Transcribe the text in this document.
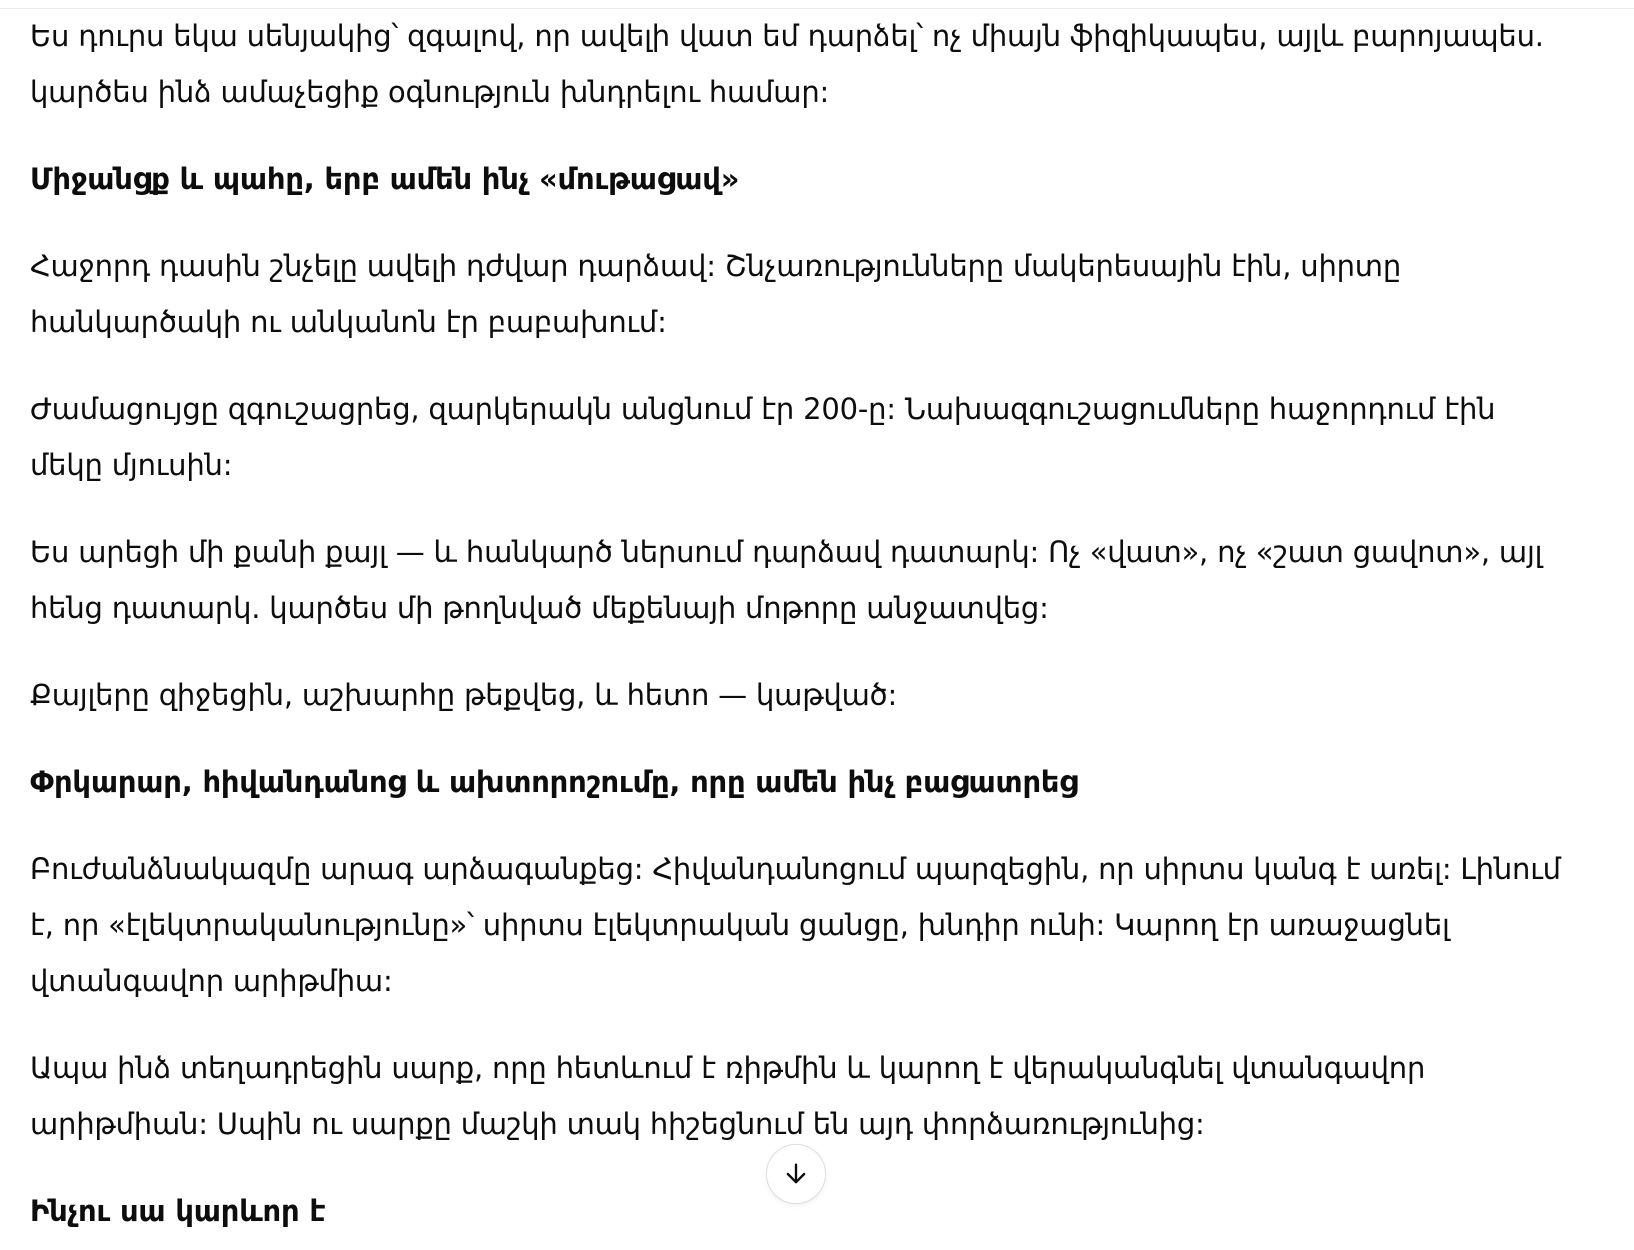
Ես դուրս եկա սենյակից՝ զգալով, որ ավելի վատ եմ դարձել՝ ոչ միայն ֆիզիկապես, այլև բարոյապես.
կարծես ինձ ամաչեցիք օգնություն խնդրելու համար:

Միջանցք և պահը, երբ ամեն ինչ «մութացավ»

Հաջորդ դասին շնչելը ավելի դժվար դարձավ: Շնչառությունները մակերեսային էին, սիրտը
հանկարծակի ու անկանոն էր բաբախում:

Ժամացույցը զգուշացրեց, զարկերակն անցնում էր 200-ը: Նախազգուշացումները հաջորդում էին
մեկը մյուսին:

Ես արեցի մի քանի քայլ — և հանկարծ ներսում դարձավ դատարկ: Ոչ «վատ», ոչ «շատ ցավոտ», այլ
հենց դատարկ. կարծես մի թողնված մեքենայի մոթորը անջատվեց:

Քայլերը զիջեցին, աշխարհը թեքվեց, և հետո — կաթված:

Փրկարար, հիվանդանոց և ախտորոշումը, որը ամեն ինչ բացատրեց

Բուժանձնակազմը արագ արձագանքեց: Հիվանդանոցում պարզեցին, որ սիրտս կանգ է առել: Լինում
է, որ «էլեկտրականությունը»՝ սիրտս էլեկտրական ցանցը, խնդիր ունի: Կարող էր առաջացնել
վտանգավոր արիթմիա:

Ապա ինձ տեղադրեցին սարք, որը հետևում է ռիթմին և կարող է վերականգնել վտանգավոր
արիթմիան: Սպին ու սարքը մաշկի տակ հիշեցնում են այդ փորձառությունից:

Ինչու սա կարևոր է
